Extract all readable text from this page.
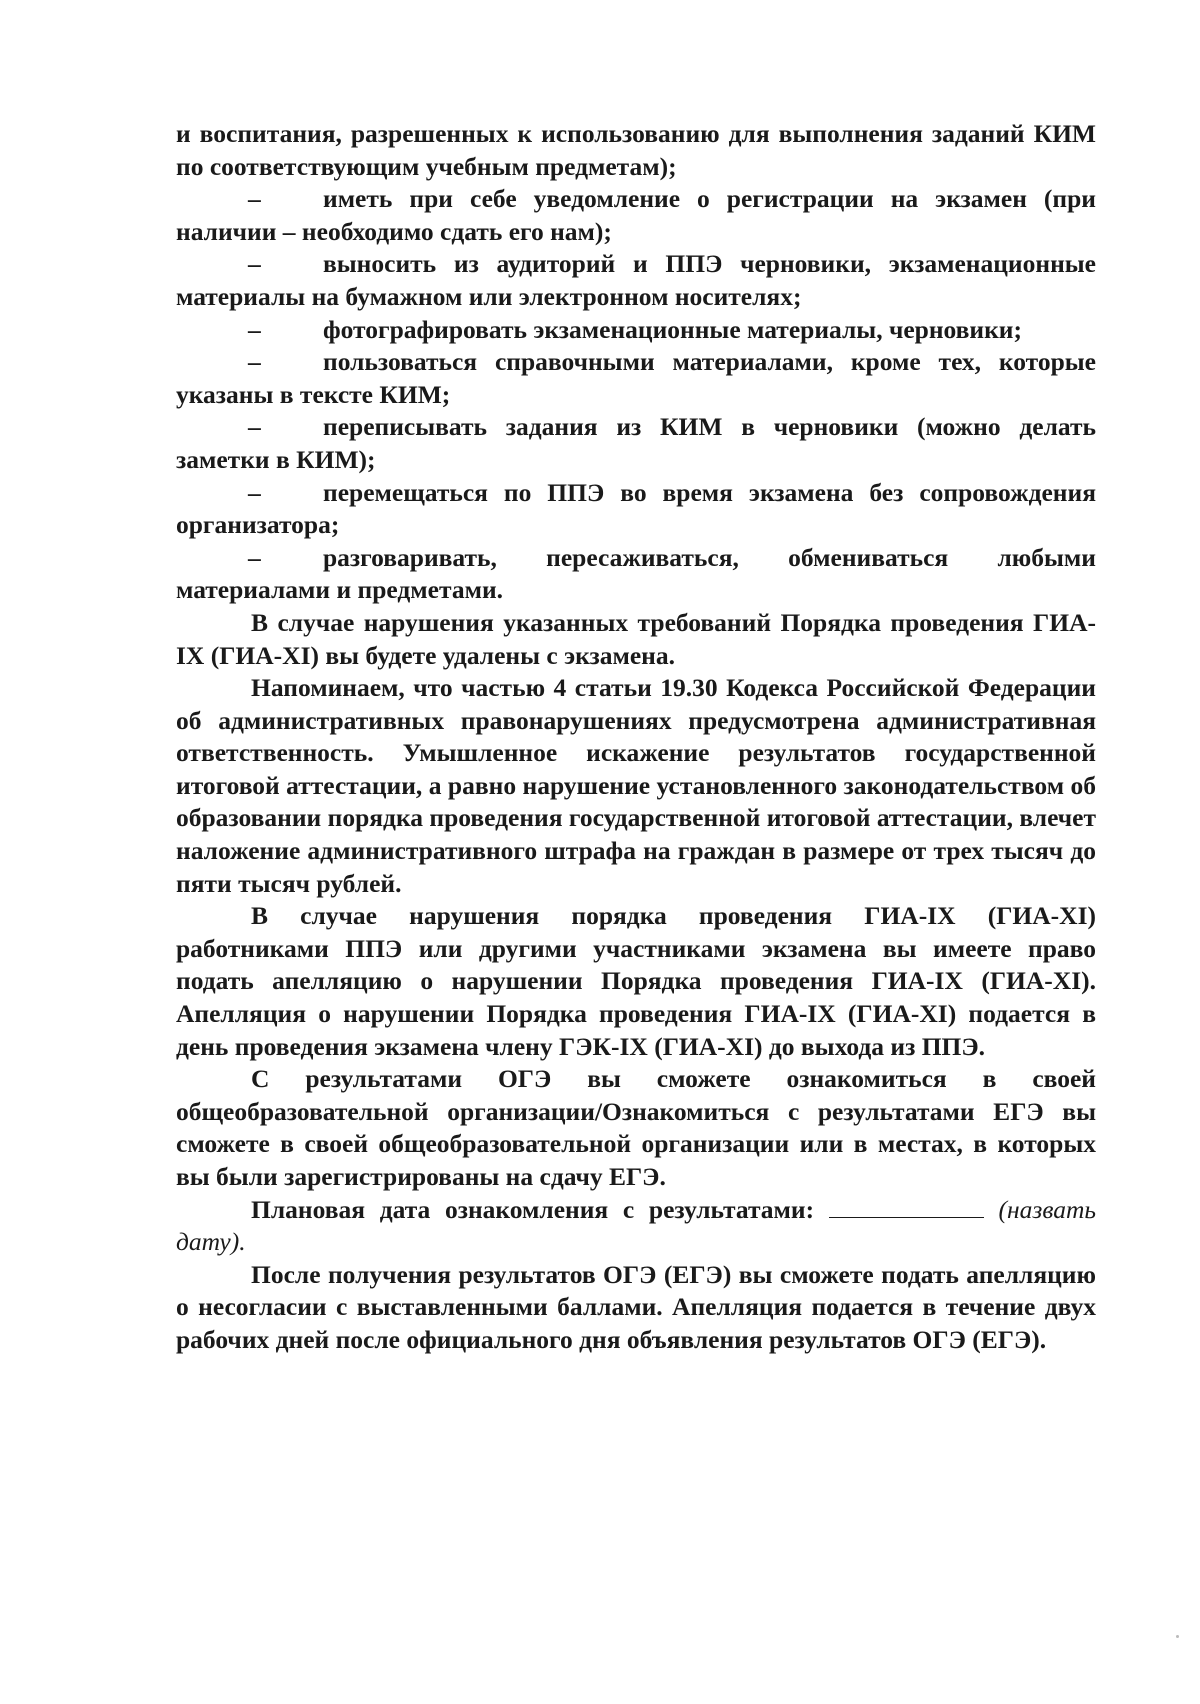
и воспитания, разрешенных к использованию для выполнения заданий КИМ по соответствующим учебным предметам);

– иметь при себе уведомление о регистрации на экзамен (при наличии – необходимо сдать его нам);

– выносить из аудиторий и ППЭ черновики, экзаменационные материалы на бумажном или электронном носителях;

– фотографировать экзаменационные материалы, черновики;

– пользоваться справочными материалами, кроме тех, которые указаны в тексте КИМ;

– переписывать задания из КИМ в черновики (можно делать заметки в КИМ);

– перемещаться по ППЭ во время экзамена без сопровождения организатора;

– разговаривать, пересаживаться, обмениваться любыми материалами и предметами.

В случае нарушения указанных требований Порядка проведения ГИА-IX (ГИА-XI) вы будете удалены с экзамена.

Напоминаем, что частью 4 статьи 19.30 Кодекса Российской Федерации об административных правонарушениях предусмотрена административная ответственность. Умышленное искажение результатов государственной итоговой аттестации, а равно нарушение установленного законодательством об образовании порядка проведения государственной итоговой аттестации, влечет наложение административного штрафа на граждан в размере от трех тысяч до пяти тысяч рублей.

В случае нарушения порядка проведения ГИА-IX (ГИА-XI) работниками ППЭ или другими участниками экзамена вы имеете право подать апелляцию о нарушении Порядка проведения ГИА-IX (ГИА-XI). Апелляция о нарушении Порядка проведения ГИА-IX (ГИА-XI) подается в день проведения экзамена члену ГЭК-IX (ГИА-XI) до выхода из ППЭ.

С результатами ОГЭ вы сможете ознакомиться в своей общеобразовательной организации/Ознакомиться с результатами ЕГЭ вы сможете в своей общеобразовательной организации или в местах, в которых вы были зарегистрированы на сдачу ЕГЭ.

Плановая дата ознакомления с результатами:	(назвать дату).

После получения результатов ОГЭ (ЕГЭ) вы сможете подать апелляцию о несогласии с выставленными баллами. Апелляция подается в течение двух рабочих дней после официального дня объявления результатов ОГЭ (ЕГЭ).
